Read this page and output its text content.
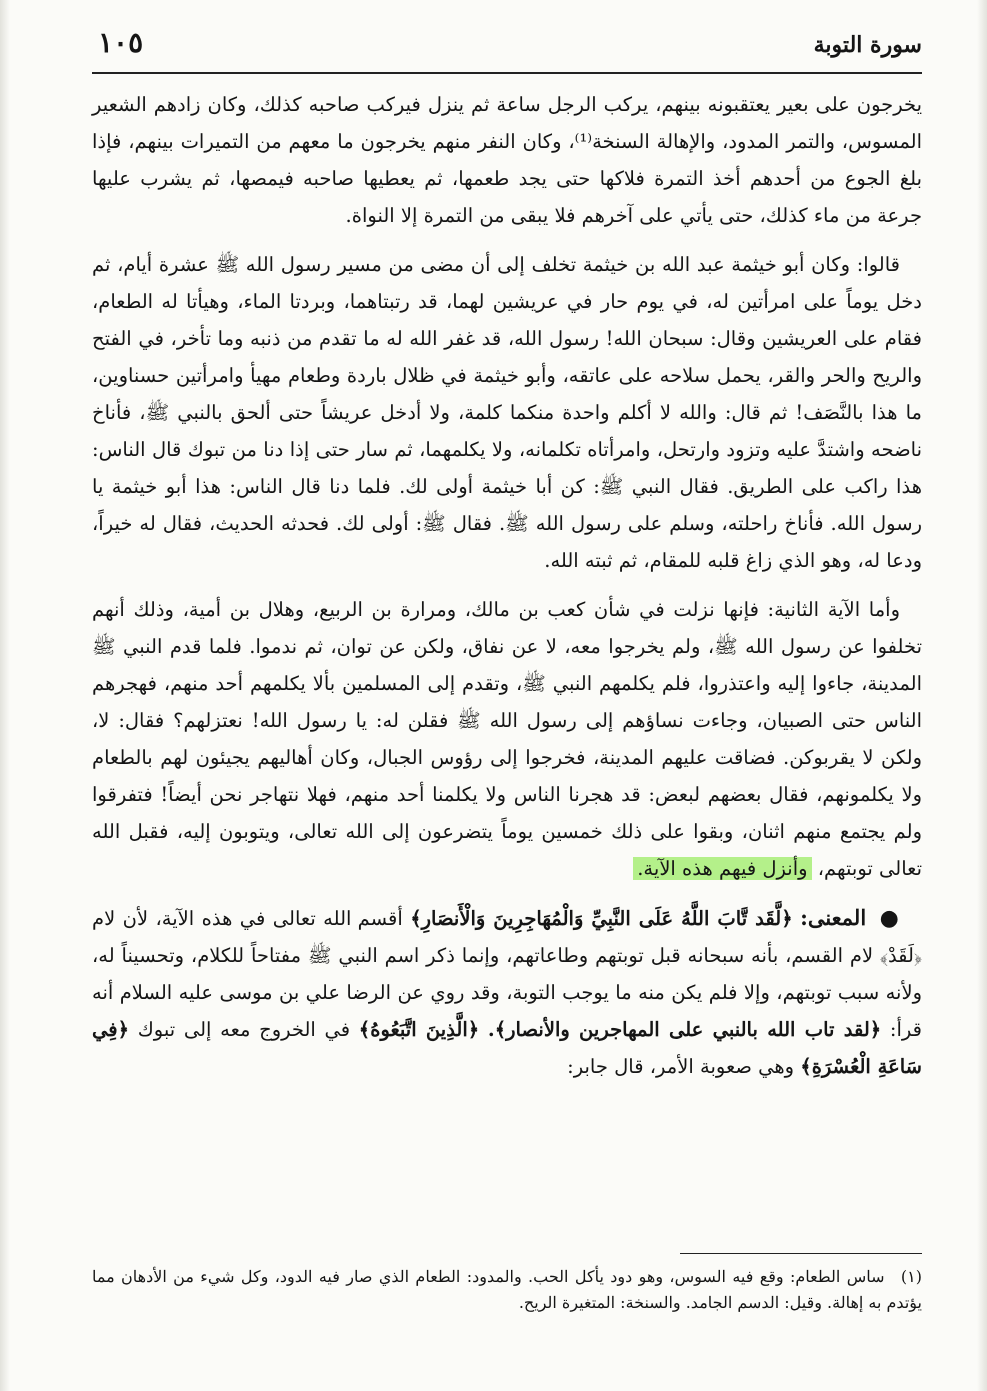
سورة التوبة
١٠٥

يخرجون على بعير يعتقبونه بينهم، يركب الرجل ساعة ثم ينزل فيركب صاحبه كذلك، وكان زادهم الشعير المسوس، والتمر المدود، والإهالة السنخة⁽¹⁾، وكان النفر منهم يخرجون ما معهم من التميرات بينهم، فإذا بلغ الجوع من أحدهم أخذ التمرة فلاكها حتى يجد طعمها، ثم يعطيها صاحبه فيمصها، ثم يشرب عليها جرعة من ماء كذلك، حتى يأتي على آخرهم فلا يبقى من التمرة إلا النواة.

قالوا: وكان أبو خيثمة عبد الله بن خيثمة تخلف إلى أن مضى من مسير رسول الله ﷺ عشرة أيام، ثم دخل يوماً على امرأتين له، في يوم حار في عريشين لهما، قد رتبتاهما، وبردتا الماء، وهيأتا له الطعام، فقام على العريشين وقال: سبحان الله! رسول الله، قد غفر الله له ما تقدم من ذنبه وما تأخر، في الفتح والريح والحر والقر، يحمل سلاحه على عاتقه، وأبو خيثمة في ظلال باردة وطعام مهيأ وامرأتين حسناوين، ما هذا بالنَّصَف! ثم قال: والله لا أكلم واحدة منكما كلمة، ولا أدخل عريشاً حتى ألحق بالنبي ﷺ، فأناخ ناضحه واشتدَّ عليه وتزود وارتحل، وامرأتاه تكلمانه، ولا يكلمهما، ثم سار حتى إذا دنا من تبوك قال الناس: هذا راكب على الطريق. فقال النبي ﷺ: كن أبا خيثمة أولى لك. فلما دنا قال الناس: هذا أبو خيثمة يا رسول الله. فأناخ راحلته، وسلم على رسول الله ﷺ. فقال ﷺ: أولى لك. فحدثه الحديث، فقال له خيراً، ودعا له، وهو الذي زاغ قلبه للمقام، ثم ثبته الله.

وأما الآية الثانية: فإنها نزلت في شأن كعب بن مالك، ومرارة بن الربيع، وهلال بن أمية، وذلك أنهم تخلفوا عن رسول الله ﷺ، ولم يخرجوا معه، لا عن نفاق، ولكن عن توان، ثم ندموا. فلما قدم النبي ﷺ المدينة، جاءوا إليه واعتذروا، فلم يكلمهم النبي ﷺ، وتقدم إلى المسلمين بألا يكلمهم أحد منهم، فهجرهم الناس حتى الصبيان، وجاءت نساؤهم إلى رسول الله ﷺ فقلن له: يا رسول الله! نعتزلهم؟ فقال: لا، ولكن لا يقربوكن. فضاقت عليهم المدينة، فخرجوا إلى رؤوس الجبال، وكان أهاليهم يجيئون لهم بالطعام ولا يكلمونهم، فقال بعضهم لبعض: قد هجرنا الناس ولا يكلمنا أحد منهم، فهلا نتهاجر نحن أيضاً! فتفرقوا ولم يجتمع منهم اثنان، وبقوا على ذلك خمسين يوماً يتضرعون إلى الله تعالى، ويتوبون إليه، فقبل الله تعالى توبتهم، وأنزل فيهم هذه الآية.

● المعنى: ﴿لَّقَد تَّابَ اللَّهُ عَلَى النَّبِيِّ وَالْمُهَاجِرِينَ وَالْأَنصَارِ﴾ أقسم الله تعالى في هذه الآية، لأن لام ﴿لَقَدْ﴾ لام القسم، بأنه سبحانه قبل توبتهم وطاعاتهم، وإنما ذكر اسم النبي ﷺ مفتاحاً للكلام، وتحسيناً له، ولأنه سبب توبتهم، وإلا فلم يكن منه ما يوجب التوبة، وقد روي عن الرضا علي بن موسى عليه السلام أنه قرأ: ﴿لقد تاب الله بالنبي على المهاجرين والأنصار﴾. ﴿الَّذِينَ اتَّبَعُوهُ﴾ في الخروج معه إلى تبوك ﴿فِي سَاعَةِ الْعُسْرَةِ﴾ وهي صعوبة الأمر، قال جابر:

(١) ساس الطعام: وقع فيه السوس، وهو دود يأكل الحب. والمدود: الطعام الذي صار فيه الدود، وكل شيء من الأدهان مما يؤتدم به إهالة. وقيل: الدسم الجامد. والسنخة: المتغيرة الريح.
